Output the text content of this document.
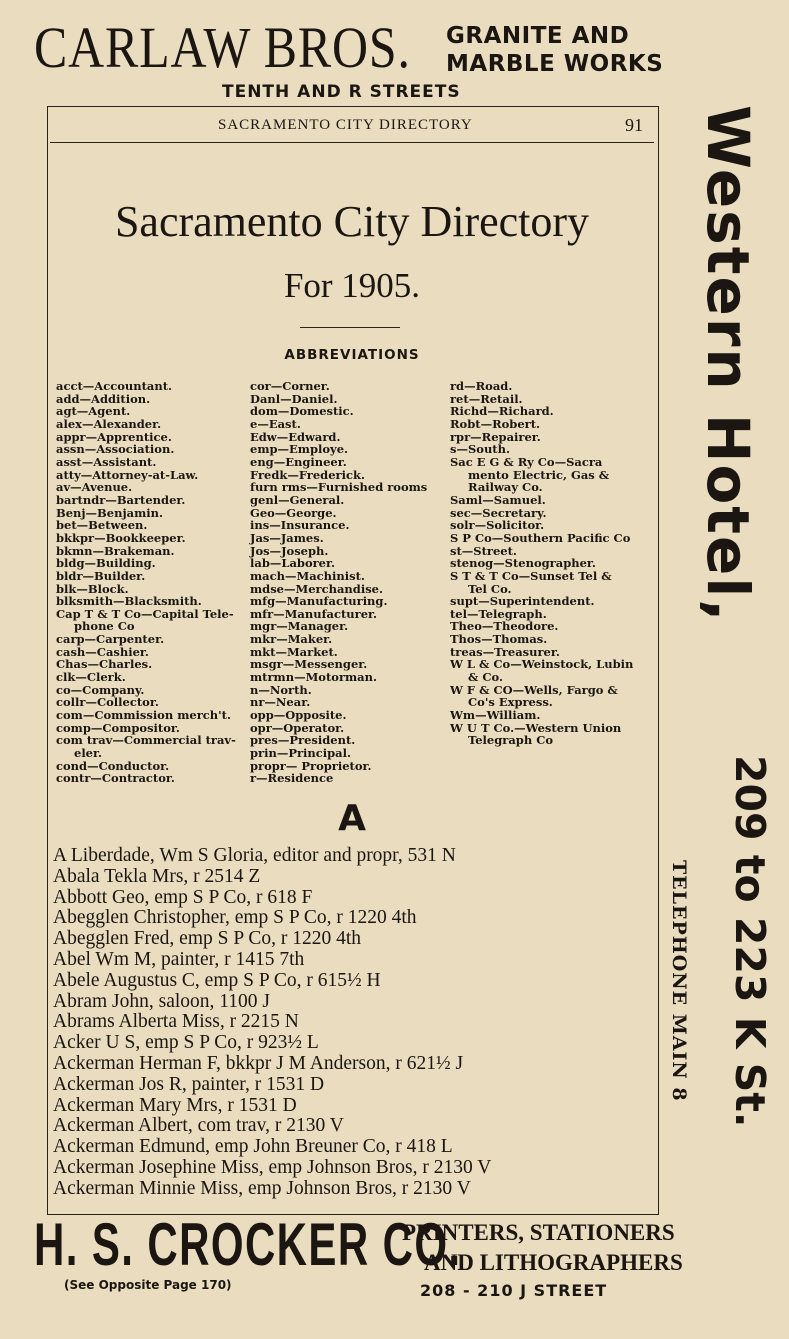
CARLAW BROS. GRANITE AND
MARBLE WORKS
TENTH AND R STREETS
SACRAMENTO CITY DIRECTORY	91
Sacramento City Directory
For 1905.
ABBREVIATIONS
acct—Accountant.
add—Addition.
agt—Agent.
alex—Alexander.
appr—Apprentice.
assn—Association.
asst—Assistant.
atty—Attorney-at-Law.
av—Avenue.
bartndr—Bartender.
Benj—Benjamin.
bet—Between.
bkkpr—Bookkeeper.
bkmn—Brakeman.
bldg—Building.
bldr—Builder.
blk—Block.
blksmith—Blacksmith.
Cap T & T Co—Capital Tele-
phone Co
carp—Carpenter.
cash—Cashier.
Chas—Charles.
clk—Clerk.
co—Company.
collr—Collector.
com—Commission merch't.
comp—Compositor.
com trav—Commercial trav-
eler.
cond—Conductor.
contr—Contractor.
cor—Corner.
Danl—Daniel.
dom—Domestic.
e—East.
Edw—Edward.
emp—Employe.
eng—Engineer.
Fredk—Frederick.
furn rms—Furnished rooms
genl—General.
Geo—George.
ins—Insurance.
Jas—James.
Jos—Joseph.
lab—Laborer.
mach—Machinist.
mdse—Merchandise.
mfg—Manufacturing.
mfr—Manufacturer.
mgr—Manager.
mkr—Maker.
mkt—Market.
msgr—Messenger.
mtrmn—Motorman.
n—North.
nr—Near.
opp—Opposite.
opr—Operator.
pres—President.
prin—Principal.
propr— Proprietor.
r—Residence
rd—Road.
ret—Retail.
Richd—Richard.
Robt—Robert.
rpr—Repairer.
s—South.
Sac E G & Ry Co—Sacra
mento Electric, Gas &
Railway Co.
Saml—Samuel.
sec—Secretary.
solr—Solicitor.
S P Co—Southern Pacific Co
st—Street.
stenog—Stenographer.
S T & T Co—Sunset Tel &
Tel Co.
supt—Superintendent.
tel—Telegraph.
Theo—Theodore.
Thos—Thomas.
treas—Treasurer.
W L & Co—Weinstock, Lubin
& Co.
W F & CO—Wells, Fargo &
Co's Express.
Wm—William.
W U T Co.—Western Union
Telegraph Co
A
A Liberdade, Wm S Gloria, editor and propr, 531 N
Abala Tekla Mrs, r 2514 Z
Abbott Geo, emp S P Co, r 618 F
Abegglen Christopher, emp S P Co, r 1220 4th
Abegglen Fred, emp S P Co, r 1220 4th
Abel Wm M, painter, r 1415 7th
Abele Augustus C, emp S P Co, r 615½ H
Abram John, saloon, 1100 J
Abrams Alberta Miss, r 2215 N
Acker U S, emp S P Co, r 923½ L
Ackerman Herman F, bkkpr J M Anderson, r 621½ J
Ackerman Jos R, painter, r 1531 D
Ackerman Mary Mrs, r 1531 D
Ackerman Albert, com trav, r 2130 V
Ackerman Edmund, emp John Breuner Co, r 418 L
Ackerman Josephine Miss, emp Johnson Bros, r 2130 V
Ackerman Minnie Miss, emp Johnson Bros, r 2130 V
Western Hotel,
209 to 223 K St.
TELEPHONE MAIN 8
H. S. CROCKER CO.
PRINTERS, STATIONERS
AND LITHOGRAPHERS
(See Opposite Page 170)	208 - 210 J STREET
